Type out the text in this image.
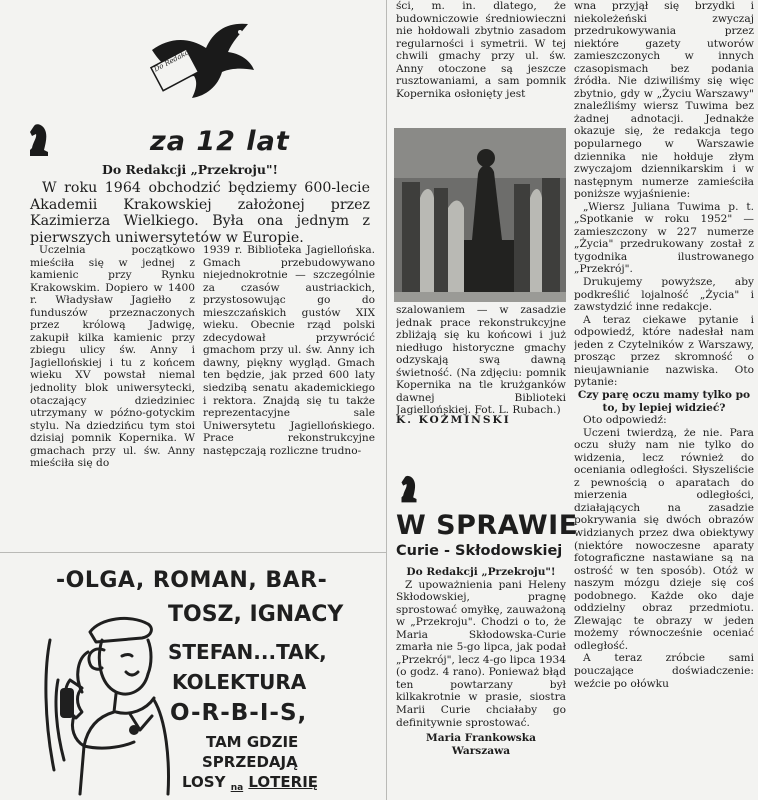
Do Redakcji
za 12 lat

Do Redakcji „Przekroju"!

W roku 1964 obchodzić będziemy 600-lecie Akademii Krakowskiej założonej przez Kazimierza Wielkiego. Była ona jednym z pierwszych uniwersytetów w Europie.

Uczelnia początkowo mieściła się w jednej z kamienic przy Rynku Krakowskim. Dopiero w 1400 r. Władysław Jagiełło z funduszów przeznaczonych przez królową Jadwigę, zakupił kilka kamienic przy zbiegu ulicy św. Anny i Jagiellońskiej i tu z końcem wieku XV powstał niemal jednolity blok uniwersytecki, otaczający dziedziniec utrzymany w późno-gotyckim stylu. Na dziedzińcu tym stoi dzisiaj pomnik Kopernika. W gmachach przy ul. św. Anny mieściła się do

1939 r. Biblioteka Jagiellońska. Gmach przebudowywano niejednokrotnie — szczególnie za czasów austriackich, przystosowując go do mieszczańskich gustów XIX wieku. Obecnie rząd polski zdecydował przywrócić gmachom przy ul. św. Anny ich dawny, piękny wygląd. Gmach ten będzie, jak przed 600 laty siedzibą senatu akademickiego i rektora. Znajdą się tu także reprezentacyjne sale Uniwersytetu Jagiellońskiego. Prace rekonstrukcyjne następczają rozliczne trudno-

-OLGA, ROMAN, BAR-

TOSZ, IGNACY

STEFAN...TAK,

KOLEKTURA

O-R-B-I-S,

TAM GDZIE

SPRZEDAJĄ

LOSY $_{na}$ LOTERIĘ

ści, m. in. dlatego, że budowniczowie średniowieczni nie hołdowali zbytnio zasadom regularności i symetrii. W tej chwili gmachy przy ul. św. Anny otoczone są jeszcze rusztowaniami, a sam pomnik Kopernika osłonięty jest

szalowaniem — w zasadzie jednak prace rekonstrukcyjne zbliżają się ku końcowi i już niedługo historyczne gmachy odzyskają swą dawną świetność. (Na zdjęciu: pomnik Kopernika na tle krużganków dawnej Biblioteki Jagiellońskiej. Fot. L. Rubach.)

K. KOŻMIŃSKI

W SPRAWIE

Curie - Skłodowskiej

Do Redakcji „Przekroju"!

Z upoważnienia pani Heleny Skłodowskiej, pragnę sprostować omyłkę, zauważoną w „Przekroju". Chodzi o to, że Maria Skłodowska-Curie zmarła nie 5-go lipca, jak podał „Przekrój", lecz 4-go lipca 1934 (o godz. 4 rano). Ponieważ błąd ten powtarzany był kilkakrotnie w prasie, siostra Marii Curie chciałaby go definitywnie sprostować.

Maria Frankowska

Warszawa

wna przyjął się brzydki i niekoleżeński zwyczaj przedrukowywania przez niektóre gazety utworów zamieszczonych w innych czasopismach bez podania źródła. Nie dziwiliśmy się więc zbytnio, gdy w „Życiu Warszawy" znaleźliśmy wiersz Tuwima bez żadnej adnotacji. Jednakże okazuje się, że redakcja tego popularnego w Warszawie dziennika nie hołduje złym zwyczajom dziennikarskim i w następnym numerze zamieściła poniższe wyjaśnienie:

„Wiersz Juliana Tuwima p. t. „Spotkanie w roku 1952" — zamieszczony w 227 numerze „Życia" przedrukowany został z tygodnika ilustrowanego „Przekrój".

Drukujemy powyższe, aby podkreślić lojalność „Życia" i zawstydzić inne redakcje.

A teraz ciekawe pytanie i odpowiedź, które nadesłał nam jeden z Czytelników z Warszawy, prosząc przez skromność o nieujawnianie nazwiska. Oto pytanie:

Czy parę oczu mamy tylko po to, by lepiej widzieć?

Oto odpowiedź:

Uczeni twierdzą, że nie. Para oczu służy nam nie tylko do widzenia, lecz również do oceniania odległości. Słyszeliście z pewnością o aparatach do mierzenia odległości, działających na zasadzie pokrywania się dwóch obrazów widzianych przez dwa obiektywy (niektóre nowoczesne aparaty fotograficzne nastawiane są na ostrość w ten sposób). Otóż w naszym mózgu dzieje się coś podobnego. Każde oko daje oddzielny obraz przedmiotu. Zlewając te obrazy w jeden możemy równocześnie oceniać odległość.

A teraz zróbcie sami pouczające doświadczenie: weźcie po ołówku
